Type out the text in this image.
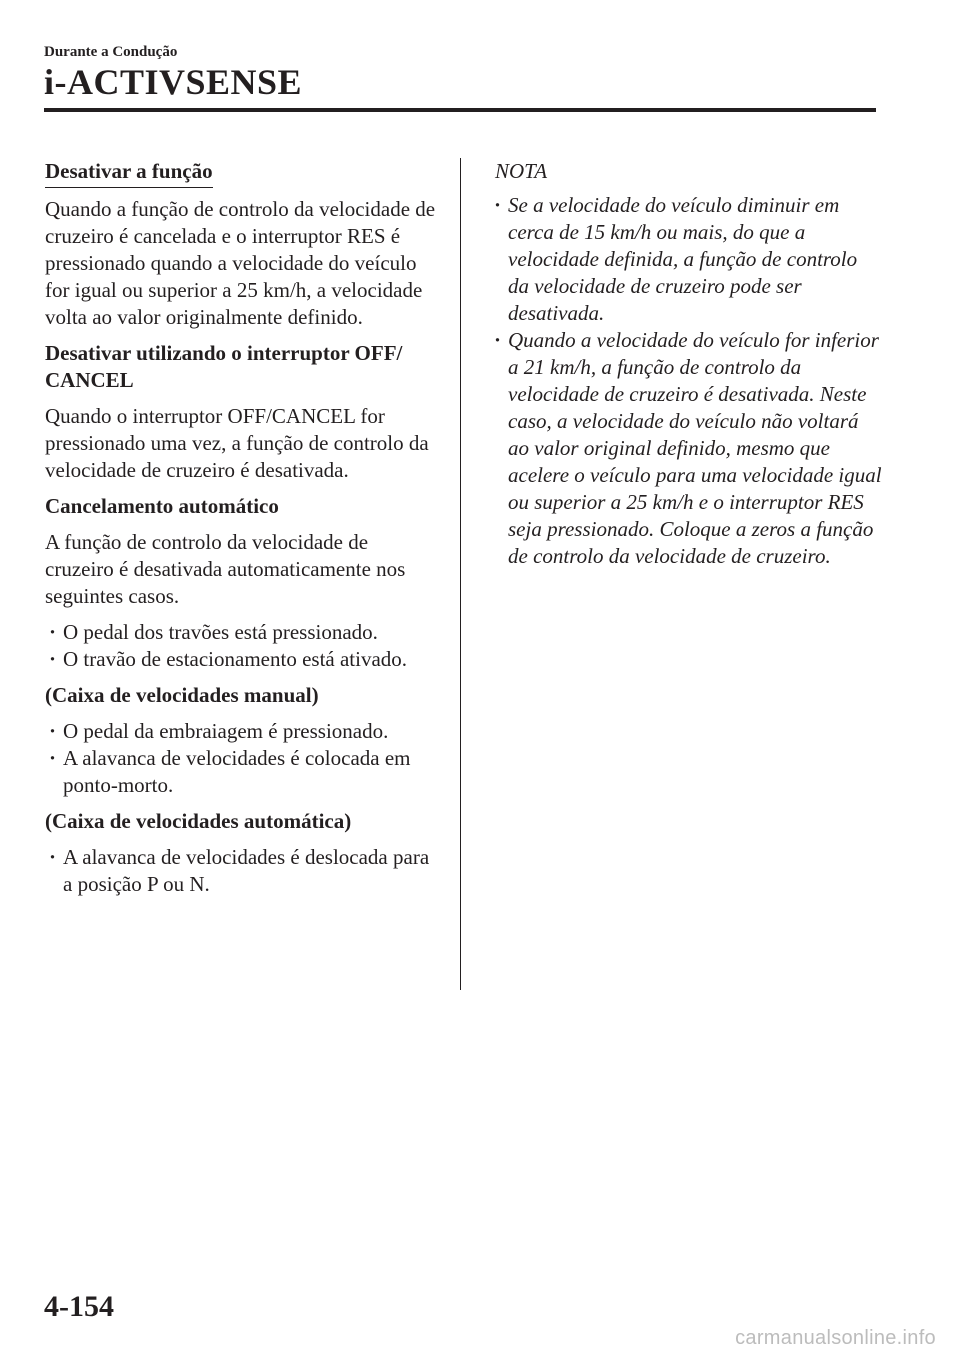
Durante a Condução
i-ACTIVSENSE
Desativar a função

Quando a função de controlo da velocidade de cruzeiro é cancelada e o interruptor RES é pressionado quando a velocidade do veículo for igual ou superior a 25 km/h, a velocidade volta ao valor originalmente definido.

Desativar utilizando o interruptor OFF/ CANCEL

Quando o interruptor OFF/CANCEL for pressionado uma vez, a função de controlo da velocidade de cruzeiro é desativada.

Cancelamento automático

A função de controlo da velocidade de cruzeiro é desativada automaticamente nos seguintes casos.

· O pedal dos travões está pressionado.
· O travão de estacionamento está ativado.
(Caixa de velocidades manual)
· O pedal da embraiagem é pressionado.
· A alavanca de velocidades é colocada em ponto-morto.
(Caixa de velocidades automática)
· A alavanca de velocidades é deslocada para a posição P ou N.
NOTA
· Se a velocidade do veículo diminuir em cerca de 15 km/h ou mais, do que a velocidade definida, a função de controlo da velocidade de cruzeiro pode ser desativada.
· Quando a velocidade do veículo for inferior a 21 km/h, a função de controlo da velocidade de cruzeiro é desativada. Neste caso, a velocidade do veículo não voltará ao valor original definido, mesmo que acelere o veículo para uma velocidade igual ou superior a 25 km/h e o interruptor RES seja pressionado. Coloque a zeros a função de controlo da velocidade de cruzeiro.
4-154
carmanualsonline.info
